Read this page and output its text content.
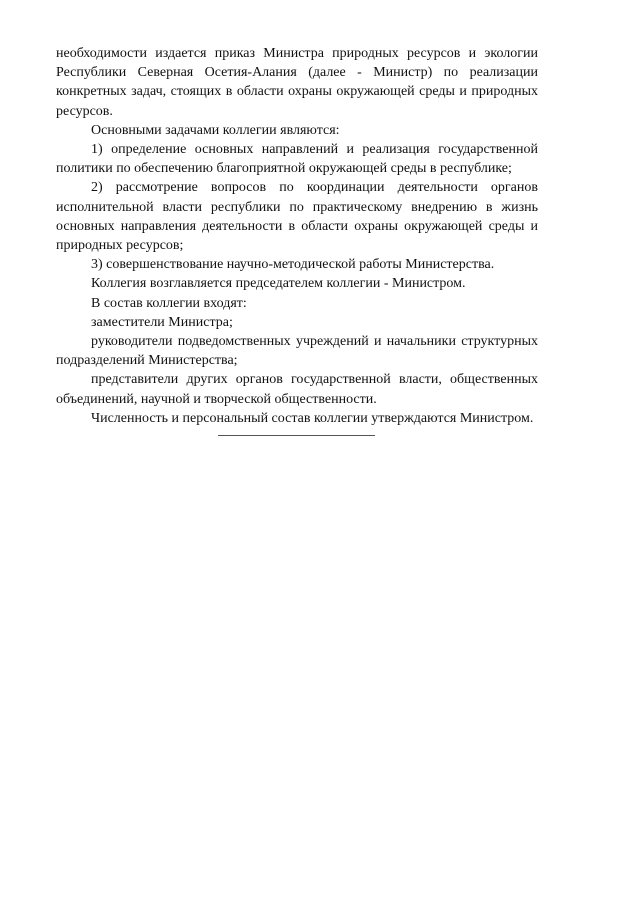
необходимости издается приказ Министра природных ресурсов и экологии Республики Северная Осетия-Алания (далее - Министр) по реализации конкретных задач, стоящих в области охраны окружающей среды и природных ресурсов.

Основными задачами коллегии являются:

1) определение основных направлений и реализация государственной политики по обеспечению благоприятной окружающей среды в республике;

2) рассмотрение вопросов по координации деятельности органов исполнительной власти республики по практическому внедрению в жизнь основных направления деятельности в области охраны окружающей среды и природных ресурсов;

3) совершенствование научно-методической работы Министерства.

Коллегия возглавляется председателем коллегии - Министром.

В состав коллегии входят:

заместители Министра;

руководители подведомственных учреждений и начальники структурных подразделений Министерства;

представители других органов государственной власти, общественных объединений, научной и творческой общественности.

Численность и персональный состав коллегии утверждаются Министром.
